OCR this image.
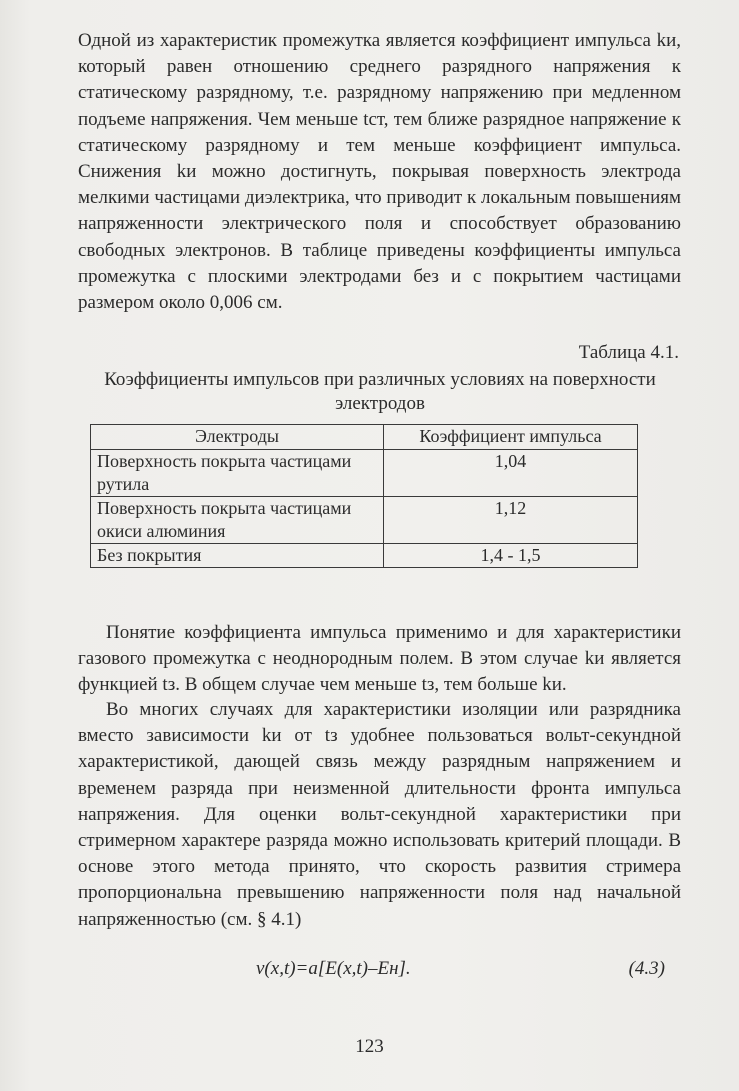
Одной из характеристик промежутка является коэффициент импульса kи, который равен отношению среднего разрядного напряжения к статическому разрядному, т.е. разрядному напряжению при медленном подъеме напряжения. Чем меньше tст, тем ближе разрядное напряжение к статическому разрядному и тем меньше коэффициент импульса. Снижения kи можно достигнуть, покрывая поверхность электрода мелкими частицами диэлектрика, что приводит к локальным повышениям напряженности электрического поля и способствует образованию свободных электронов. В таблице приведены коэффициенты импульса промежутка с плоскими электродами без и с покрытием частицами размером около 0,006 см.

Таблица 4.1.
Коэффициенты импульсов при различных условиях на поверхности электродов
Электроды	Коэффициент импульса
Поверхность покрыта частицами рутила	1,04
Поверхность покрыта частицами окиси алюминия	1,12
Без покрытия	1,4 - 1,5

Понятие коэффициента импульса применимо и для характеристики газового промежутка с неоднородным полем. В этом случае kи является функцией tз. В общем случае чем меньше tз, тем больше kи.

Во многих случаях для характеристики изоляции или разрядника вместо зависимости kи от tз удобнее пользоваться вольт-секундной характеристикой, дающей связь между разрядным напряжением и временем разряда при неизменной длительности фронта импульса напряжения. Для оценки вольт-секундной характеристики при стримерном характере разряда можно использовать критерий площади. В основе этого метода принято, что скорость развития стримера пропорциональна превышению напряженности поля над начальной напряженностью (см. § 4.1)

v(x,t)=a[E(x,t)–Eн].	(4.3)
123
